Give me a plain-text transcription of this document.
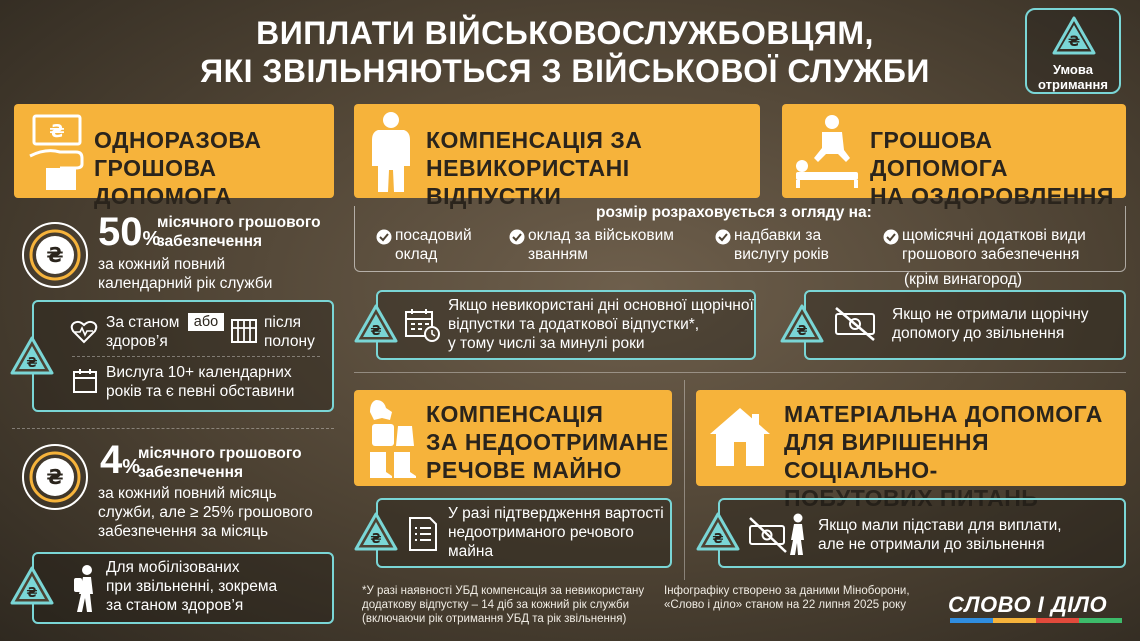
ВИПЛАТИ ВІЙСЬКОВОСЛУЖБОВЦЯМ,
ЯКІ ЗВІЛЬНЯЮТЬСЯ З ВІЙСЬКОВОЇ СЛУЖБИ
₴
Умова отримання
₴ ОДНОРАЗОВА
ГРОШОВА ДОПОМОГА
₴
50%
місячного грошового
забезпечення
за кожний повний
календарний рік служби
₴
За станом
здоров’я
або	після
полону
Вислуга 10+ календарних
років та є певні обставини
₴ 4%
місячного грошового
забезпечення
за кожний повний місяць
служби, але ≥ 25% грошового
забезпечення за місяць
₴
Для мобілізованих
при звільненні, зокрема
за станом здоров’я
КОМПЕНСАЦІЯ ЗА
НЕВИКОРИСТАНІ ВІДПУСТКИ
ГРОШОВА ДОПОМОГА
НА ОЗДОРОВЛЕННЯ
розмір розраховується з огляду на:
посадовий
оклад
оклад за військовим
званням
надбавки за
вислугу років
щомісячні додаткові види
грошового забезпечення
(крім винагород)
₴
Якщо невикористані дні основної щорічної
відпустки та додаткової відпустки*,
у тому числі за минулі роки
₴
Якщо не отримали щорічну
допомогу до звільнення
КОМПЕНСАЦІЯ
ЗА НЕДООТРИМАНЕ
РЕЧОВЕ МАЙНО
₴
У разі підтвердження вартості
недоотриманого речового
майна
МАТЕРІАЛЬНА ДОПОМОГА
ДЛЯ ВИРІШЕННЯ СОЦІАЛЬНО-
ПОБУТОВИХ ПИТАНЬ
₴
Якщо мали підстави для виплати,
але не отримали до звільнення
*У разі наявності УБД компенсація за невикористану
додаткову відпустку – 14 діб за кожний рік служби
(включаючи рік отримання УБД та рік звільнення)
Інфографіку створено за даними Міноборони,
«Слово і діло» станом на 22 липня 2025 року СЛОВО І ДІЛО
